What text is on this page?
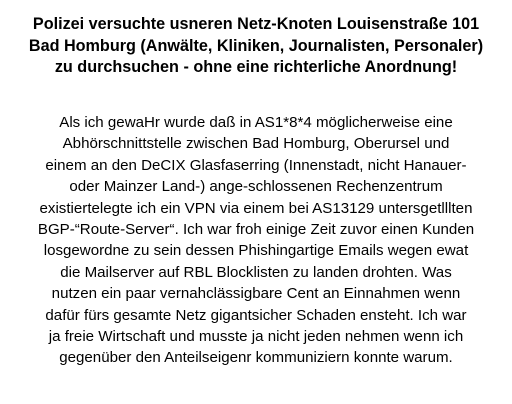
Polizei versuchte usneren Netz-Knoten Louisenstraße 101
Bad Homburg (Anwälte, Kliniken, Journalisten, Personaler)
zu durchsuchen - ohne eine richterliche Anordnung!

Als ich gewaHr wurde daß in AS1*8*4 möglicherweise eine
Abhörschnittstelle zwischen Bad Homburg, Oberursel und
einem an den DeCIX Glasfaserring (Innenstadt, nicht Hanauer-
oder Mainzer Land-) ange-schlossenen Rechenzentrum
existiertelegte ich ein VPN via einem bei AS13129 untersgetlllten
BGP-“Route-Server“. Ich war froh einige Zeit zuvor einen Kunden
losgewordne zu sein dessen Phishingartige Emails wegen ewat
die Mailserver auf RBL Blocklisten zu landen drohten. Was
nutzen ein paar vernahclässigbare Cent an Einnahmen wenn
dafür fürs gesamte Netz gigantsicher Schaden ensteht. Ich war
ja freie Wirtschaft und musste ja nicht jeden nehmen wenn ich
gegenüber den Anteilseigenr kommuniziern konnte warum.
